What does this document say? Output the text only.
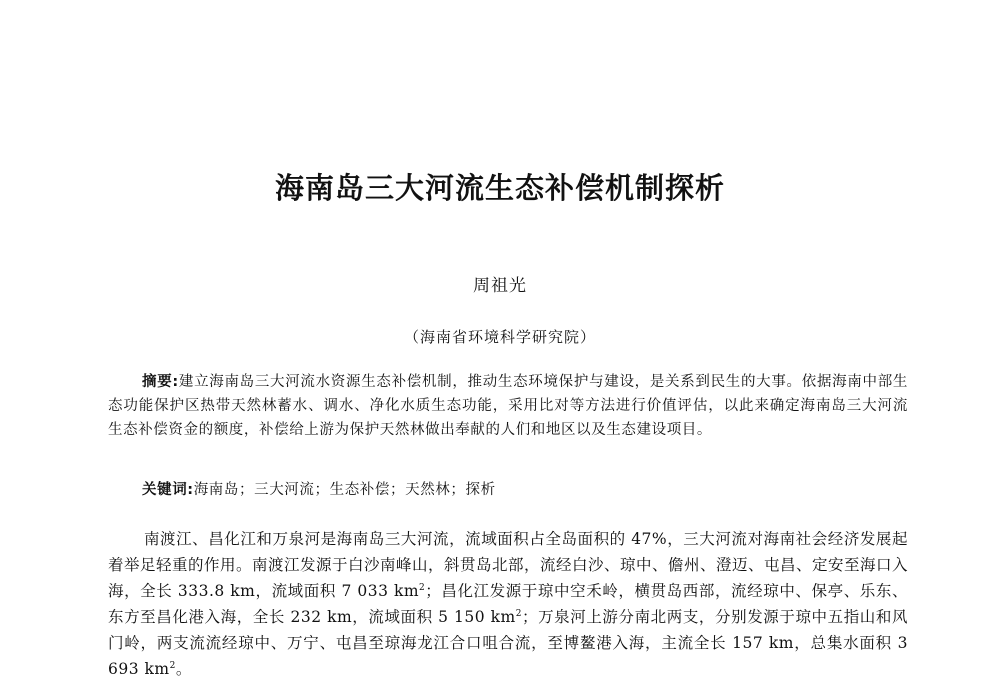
海南岛三大河流生态补偿机制探析
周祖光
（海南省环境科学研究院）
摘要:建立海南岛三大河流水资源生态补偿机制，推动生态环境保护与建设，是关系到民生的大事。依据海南中部生态功能保护区热带天然林蓄水、调水、净化水质生态功能，采用比对等方法进行价值评估，以此来确定海南岛三大河流生态补偿资金的额度，补偿给上游为保护天然林做出奉献的人们和地区以及生态建设项目。
关键词:海南岛；三大河流；生态补偿；天然林；探析
南渡江、昌化江和万泉河是海南岛三大河流，流域面积占全岛面积的 47%，三大河流对海南社会经济发展起着举足轻重的作用。南渡江发源于白沙南峰山，斜贯岛北部，流经白沙、琼中、儋州、澄迈、屯昌、定安至海口入海，全长 333.8 km，流域面积 7 033 $km^2$；昌化江发源于琼中空禾岭，横贯岛西部，流经琼中、保亭、乐东、东方至昌化港入海，全长 232 km，流域面积 5 150 $km^2$；万泉河上游分南北两支，分别发源于琼中五指山和风门岭，两支流流经琼中、万宁、屯昌至琼海龙江合口咀合流，至博鳌港入海，主流全长 157 km，总集水面积 3 693 $km^2$。
